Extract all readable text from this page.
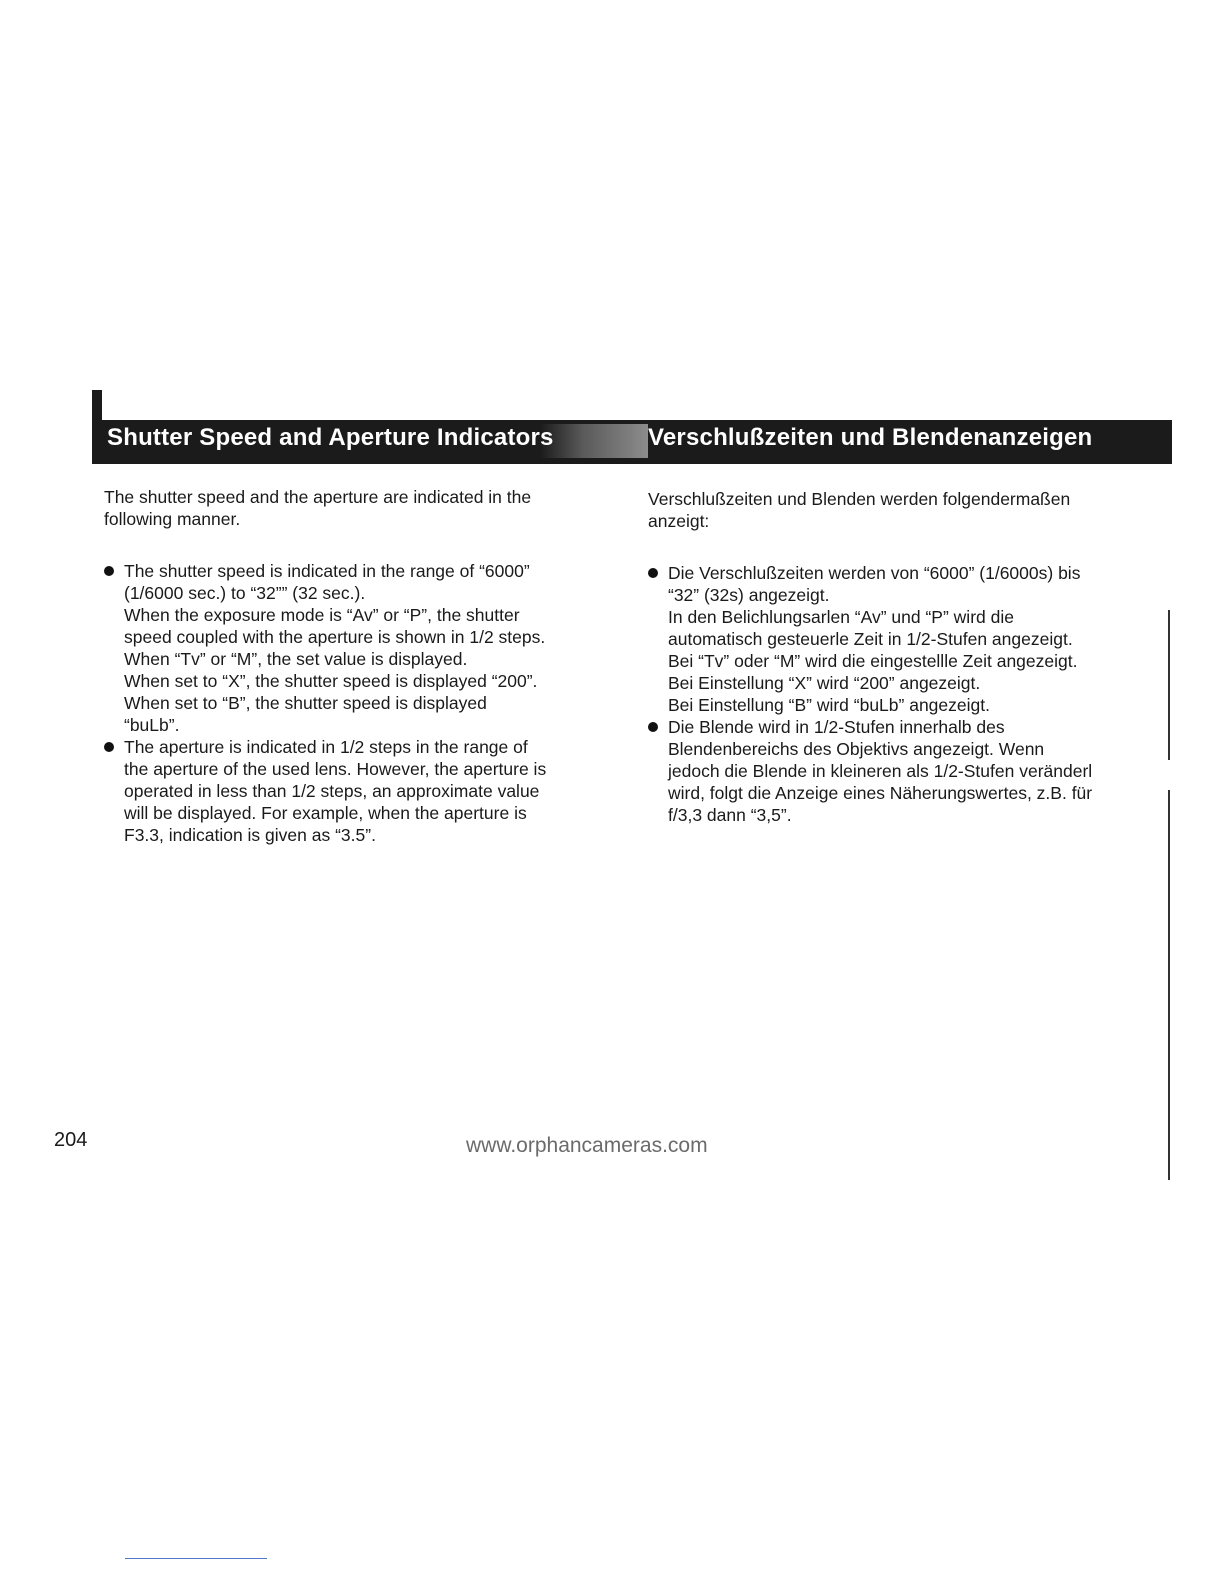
Shutter Speed and Aperture Indicators	Verschlußzeiten und Blendenanzeigen

The shutter speed and the aperture are indicated in the
following manner.

The shutter speed is indicated in the range of “6000”
(1/6000 sec.) to “32”” (32 sec.).
When the exposure mode is “Av” or “P”, the shutter
speed coupled with the aperture is shown in 1/2 steps.
When “Tv” or “M”, the set value is displayed.
When set to “X”, the shutter speed is displayed “200”.
When set to “B”, the shutter speed is displayed
“buLb”.
The aperture is indicated in 1/2 steps in the range of
the aperture of the used lens. However, the aperture is
operated in less than 1/2 steps, an approximate value
will be displayed. For example, when the aperture is
F3.3, indication is given as “3.5”.

Verschlußzeiten und Blenden werden folgendermaßen
anzeigt:

Die Verschlußzeiten werden von “6000” (1/6000s) bis
“32” (32s) angezeigt.
In den Belichlungsarlen “Av” und “P” wird die
automatisch gesteuerle Zeit in 1/2-Stufen angezeigt.
Bei “Tv” oder “M” wird die eingestellle Zeit angezeigt.
Bei Einstellung “X” wird “200” angezeigt.
Bei Einstellung “B” wird “buLb” angezeigt.
Die Blende wird in 1/2-Stufen innerhalb des
Blendenbereichs des Objektivs angezeigt. Wenn
jedoch die Blende in kleineren als 1/2-Stufen veränderl
wird, folgt die Anzeige eines Näherungswertes, z.B. für
f/3,3 dann “3,5”.
204	www.orphancameras.com
